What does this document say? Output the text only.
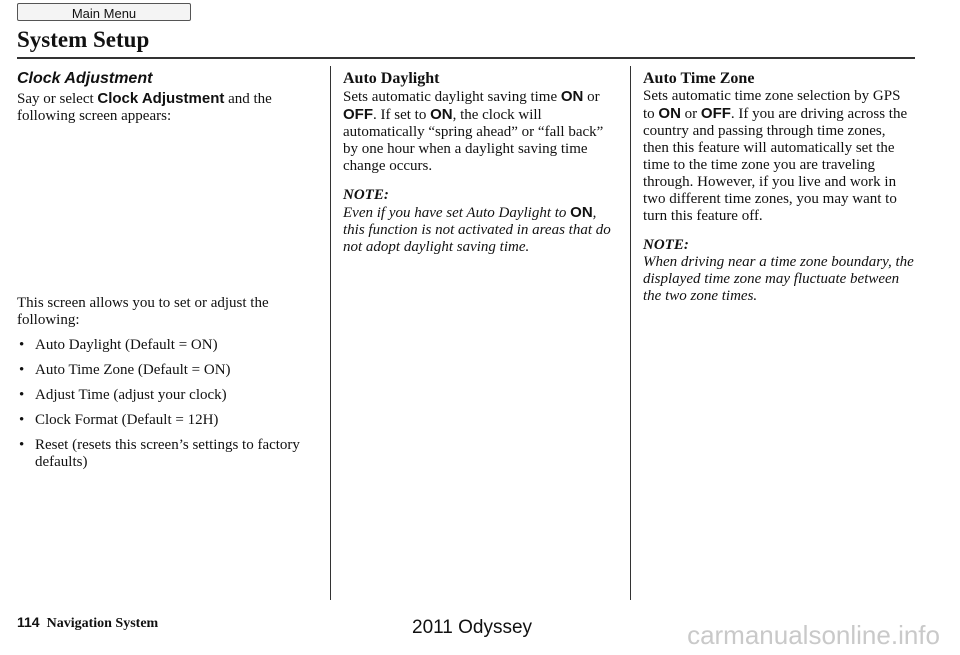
Main Menu
System Setup
Clock Adjustment

Say or select Clock Adjustment and the following screen appears:

This screen allows you to set or adjust the following:

• Auto Daylight (Default = ON)
• Auto Time Zone (Default = ON)
• Adjust Time (adjust your clock)
• Clock Format (Default = 12H)
• Reset (resets this screen’s settings to factory defaults)
Auto Daylight

Sets automatic daylight saving time ON or OFF. If set to ON, the clock will automatically “spring ahead” or “fall back” by one hour when a daylight saving time change occurs.

NOTE:

Even if you have set Auto Daylight to ON, this function is not activated in areas that do not adopt daylight saving time.

Auto Time Zone

Sets automatic time zone selection by GPS to ON or OFF. If you are driving across the country and passing through time zones, then this feature will automatically set the time to the time zone you are traveling through. However, if you live and work in two different time zones, you may want to turn this feature off.

NOTE:

When driving near a time zone boundary, the displayed time zone may fluctuate between the two zone times.

114 Navigation System	2011 Odyssey	carmanualsonline.info
